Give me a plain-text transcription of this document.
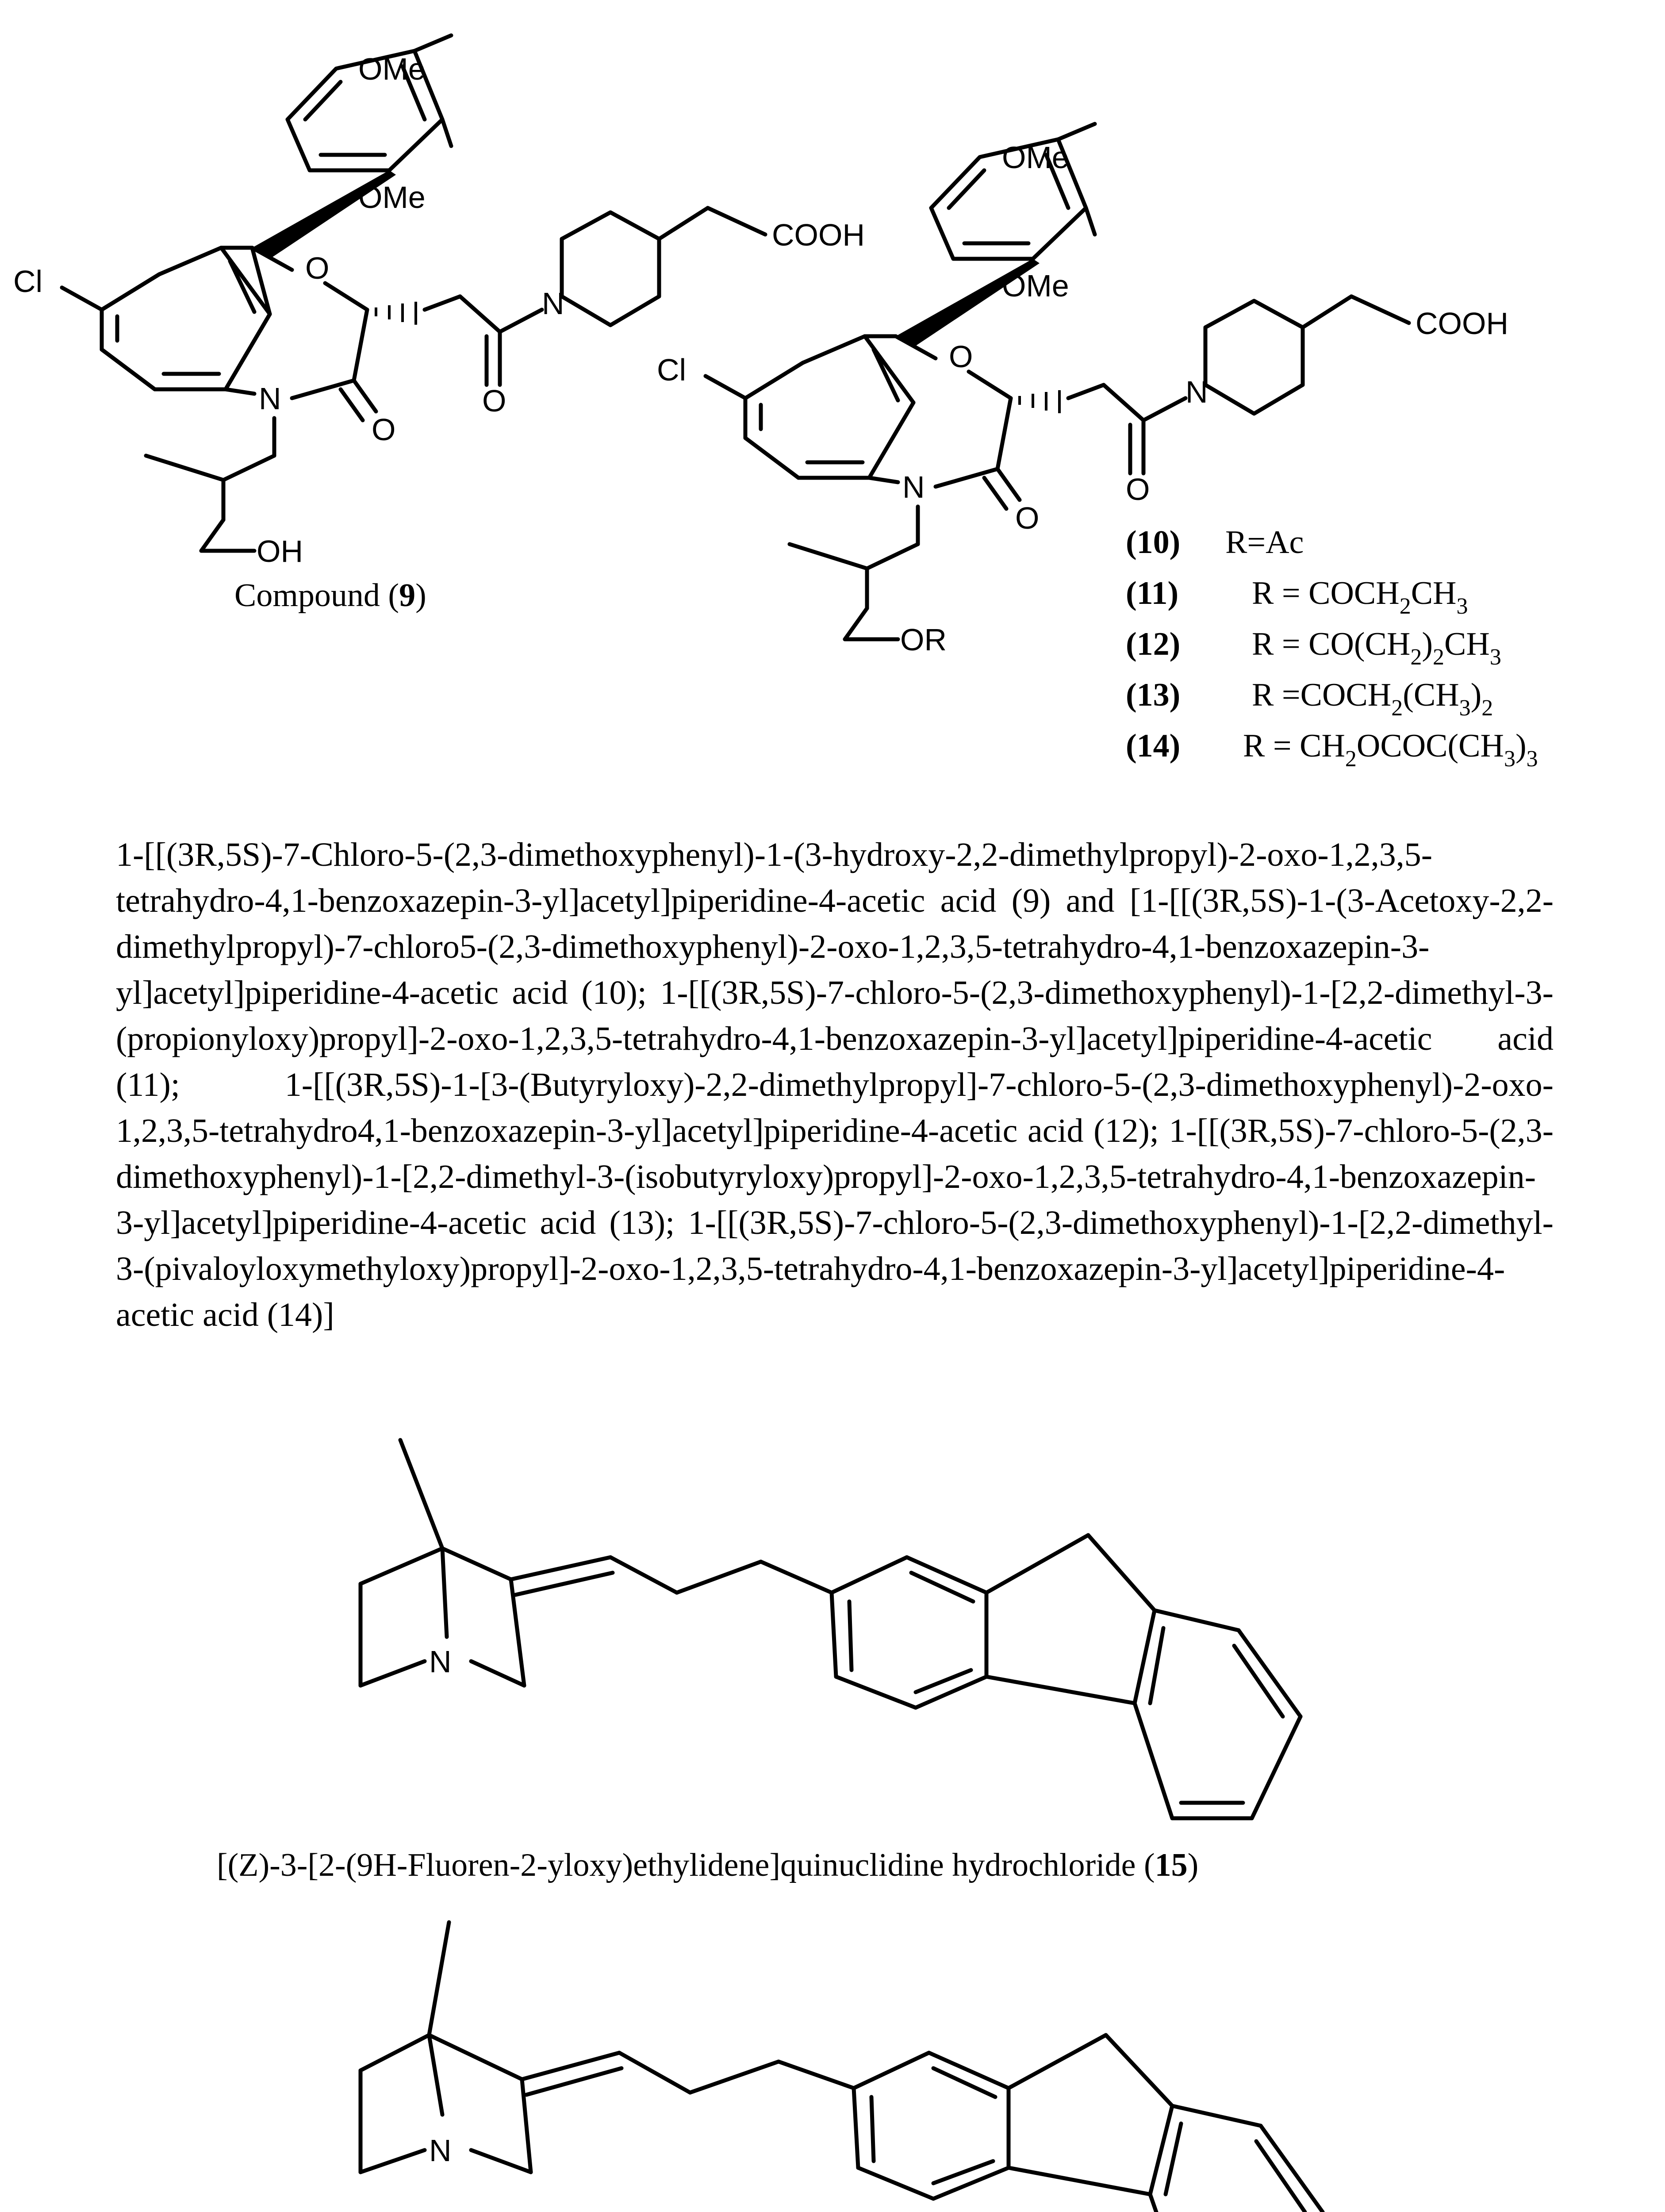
OMe
OMe
Cl	O
N
O
O
N
COOH
OH
Compound (9)
OMe
OMe
Cl	O
N
O
O
N
COOH
OR
(10) R=Ac
(11) $R = COCH_2CH_3$
(12) $R = CO(CH_2)_2CH_3$
(13) $R =COCH_2(CH_3)_2$
(14) $R = CH_2OCOC(CH_3)_3$
N
[(Z)-3-[2-(9H-Fluoren-2-yloxy)ethylidene]quinuclidine hydrochloride (15)
N
1-[[(3R,5S)-7-Chloro-5-(2,3-dimethoxyphenyl)-1-(3-hydroxy-2,2-dimethylpropyl)-2-oxo-1,2,3,5-tetrahydro-4,1-benzoxazepin-3-yl]acetyl]piperidine-4-acetic acid (9) and [1-[[(3R,5S)-1-(3-Acetoxy-2,2-dimethylpropyl)-7-chloro5-(2,3-dimethoxyphenyl)-2-oxo-1,2,3,5-tetrahydro-4,1-benzoxazepin-3-yl]acetyl]piperidine-4-acetic acid (10); 1-[[(3R,5S)-7-chloro-5-(2,3-dimethoxyphenyl)-1-[2,2-dimethyl-3-(propionyloxy)propyl]-2-oxo-1,2,3,5-tetrahydro-4,1-benzoxazepin-3-yl]acetyl]piperidine-4-acetic acid (11); 1-[[(3R,5S)-1-[3-(Butyryloxy)-2,2-dimethylpropyl]-7-chloro-5-(2,3-dimethoxyphenyl)-2-oxo-1,2,3,5-tetrahydro4,1-benzoxazepin-3-yl]acetyl]piperidine-4-acetic acid (12); 1-[[(3R,5S)-7-chloro-5-(2,3-dimethoxyphenyl)-1-[2,2-dimethyl-3-(isobutyryloxy)propyl]-2-oxo-1,2,3,5-tetrahydro-4,1-benzoxazepin-3-yl]acetyl]piperidine-4-acetic acid (13); 1-[[(3R,5S)-7-chloro-5-(2,3-dimethoxyphenyl)-1-[2,2-dimethyl-3-(pivaloyloxymethyloxy)propyl]-2-oxo-1,2,3,5-tetrahydro-4,1-benzoxazepin-3-yl]acetyl]piperidine-4-acetic acid (14)]
